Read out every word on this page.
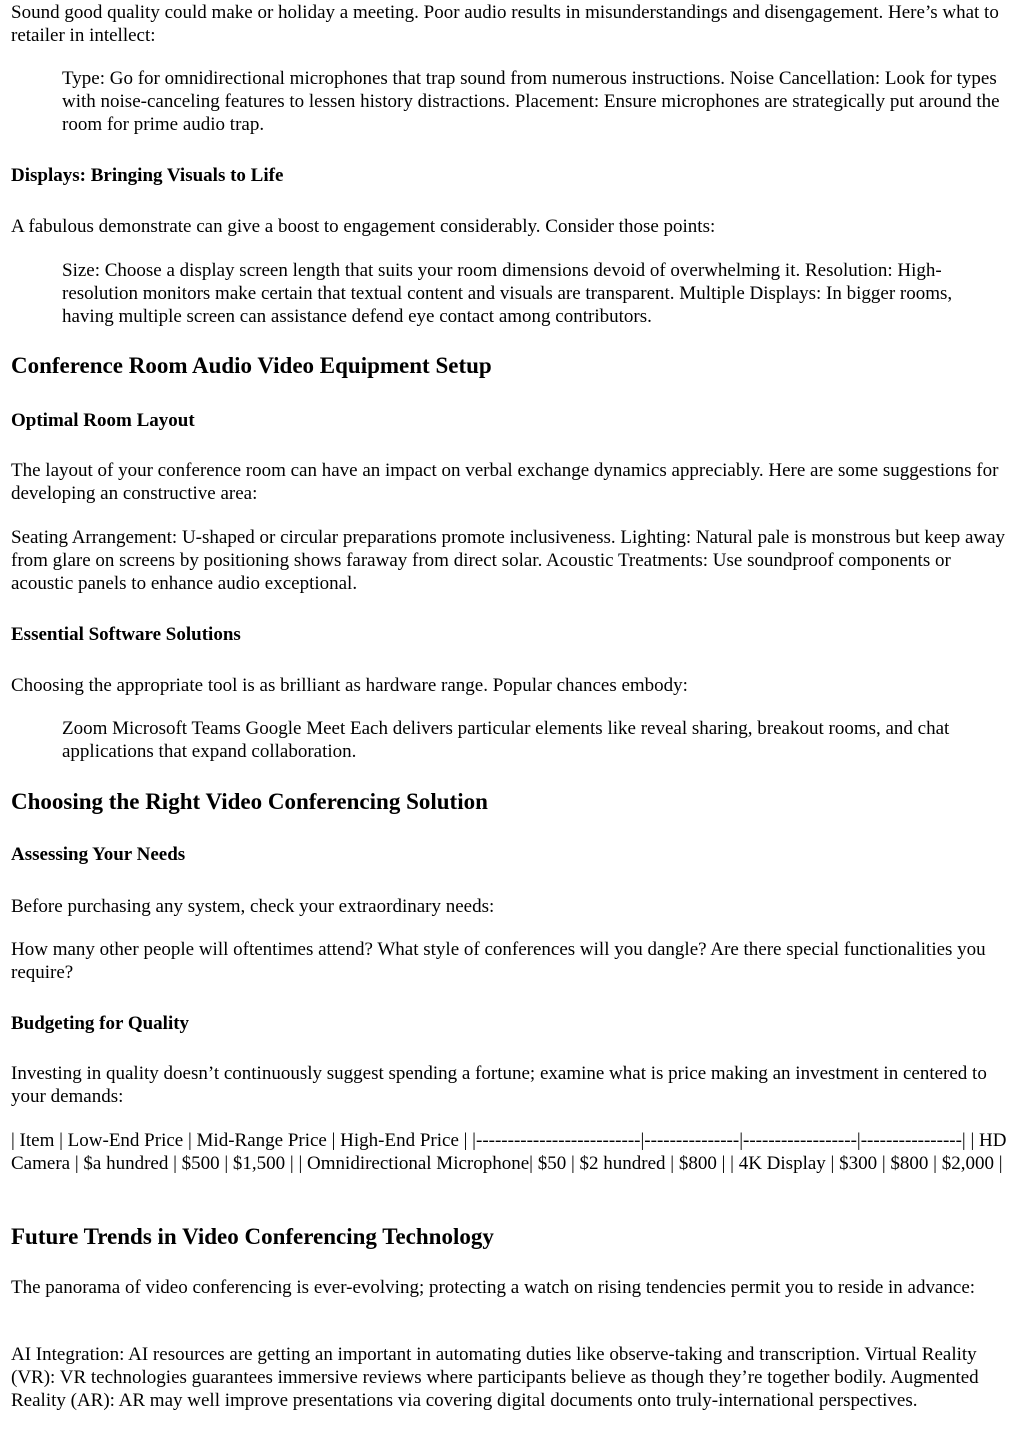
Sound good quality could make or holiday a meeting. Poor audio results in misunderstandings and disengagement. Here’s what to retailer in intellect:

Type: Go for omnidirectional microphones that trap sound from numerous instructions. Noise Cancellation: Look for types with noise-canceling features to lessen history distractions. Placement: Ensure microphones are strategically put around the room for prime audio trap.

Displays: Bringing Visuals to Life

A fabulous demonstrate can give a boost to engagement considerably. Consider those points:

Size: Choose a display screen length that suits your room dimensions devoid of overwhelming it. Resolution: High-resolution monitors make certain that textual content and visuals are transparent. Multiple Displays: In bigger rooms, having multiple screen can assistance defend eye contact among contributors.

Conference Room Audio Video Equipment Setup
Optimal Room Layout

The layout of your conference room can have an impact on verbal exchange dynamics appreciably. Here are some suggestions for developing an constructive area:

Seating Arrangement: U-shaped or circular preparations promote inclusiveness. Lighting: Natural pale is monstrous but keep away from glare on screens by positioning shows faraway from direct solar. Acoustic Treatments: Use soundproof components or acoustic panels to enhance audio exceptional.

Essential Software Solutions

Choosing the appropriate tool is as brilliant as hardware range. Popular chances embody:

Zoom Microsoft Teams Google Meet Each delivers particular elements like reveal sharing, breakout rooms, and chat applications that expand collaboration.

Choosing the Right Video Conferencing Solution
Assessing Your Needs

Before purchasing any system, check your extraordinary needs:

How many other people will oftentimes attend? What style of conferences will you dangle? Are there special functionalities you require?

Budgeting for Quality

Investing in quality doesn’t continuously suggest spending a fortune; examine what is price making an investment in centered to your demands:

| Item | Low-End Price | Mid-Range Price | High-End Price | |--------------------------|---------------|------------------|----------------| | HD Camera | $a hundred | $500 | $1,500 | | Omnidirectional Microphone| $50 | $2 hundred | $800 | | 4K Display | $300 | $800 | $2,000 |

Future Trends in Video Conferencing Technology

The panorama of video conferencing is ever-evolving; protecting a watch on rising tendencies permit you to reside in advance:

AI Integration: AI resources are getting an important in automating duties like observe-taking and transcription. Virtual Reality (VR): VR technologies guarantees immersive reviews where participants believe as though they’re together bodily. Augmented Reality (AR): AR may well improve presentations via covering digital documents onto truly-international perspectives.
